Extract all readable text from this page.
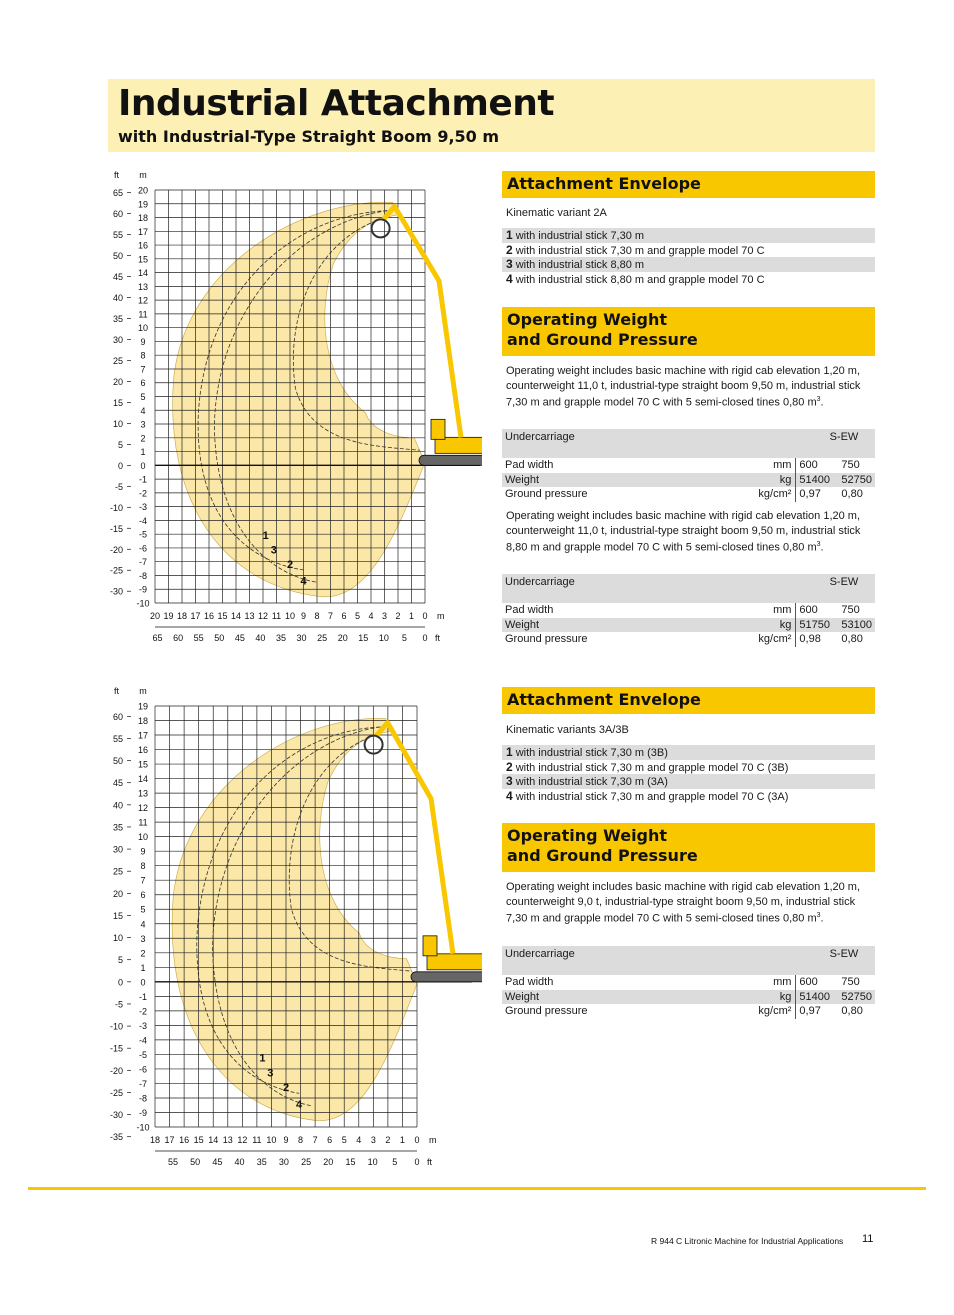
Industrial Attachment
with Industrial-Type Straight Boom 9,50 m
20
19
18
17
16
15
14
13
12
11
10
9
8
7
6
5
4
3
2
1
0
-1
-2
-3
-4
-5
-6
-7
-8
-9
-10
m
65
60
55
50
45
40
35
30
25
20
15
10
5
0
-5
-10
-15
-20
-25
-30
ft
20 19 18 17 16 15 14 13 12 11 10 9 8 7 6 5 4 3 2 1 0 m
65 60 55 50 45 40 35 30 25 20 15 10 5 0 ft
1
3
2
4
19
18
17
16
15
14
13
12
11
10
9
8
7
6
5
4
3
2
1
0
-1
-2
-3
-4
-5
-6
-7
-8
-9
-10
m
60
55
50
45
40
35
30
25
20
15
10
5
0
-5
-10
-15
-20
-25
-30
-35
ft
18 17 16 15 14 13 12 11 10 9 8 7 6 5 4 3 2 1 0 m
55 50 45 40 35 30 25 20 15 10 5 0 ft
1
3
2
4
Attachment Envelope
Kinematic variant 2A
1 with industrial stick 7,30 m
2 with industrial stick 7,30 m and grapple model 70 C
3 with industrial stick 8,80 m
4 with industrial stick 8,80 m and grapple model 70 C
Operating Weight
and Ground Pressure
Operating weight includes basic machine with rigid cab elevation 1,20 m, counterweight 11,0 t, industrial-type straight boom 9,50 m, industrial stick 7,30 m and grapple model 70 C with 5 semi-closed tines 0,80 $m^3$.
Undercarriage		S-EW	
Pad width	mm	600	750
Weight	kg	51400	52750
Ground pressure	kg/cm²	0,97	0,80
Operating weight includes basic machine with rigid cab elevation 1,20 m, counterweight 11,0 t, industrial-type straight boom 9,50 m, industrial stick 8,80 m and grapple model 70 C with 5 semi-closed tines 0,80 $m^3$.
Undercarriage		S-EW	
Pad width	mm	600	750
Weight	kg	51750	53100
Ground pressure	kg/cm²	0,98	0,80
Attachment Envelope
Kinematic variants 3A/3B
1 with industrial stick 7,30 m (3B)
2 with industrial stick 7,30 m and grapple model 70 C (3B)
3 with industrial stick 7,30 m (3A)
4 with industrial stick 7,30 m and grapple model 70 C (3A)
Operating Weight
and Ground Pressure
Operating weight includes basic machine with rigid cab elevation 1,20 m, counterweight 9,0 t, industrial-type straight boom 9,50 m, industrial stick 7,30 m and grapple model 70 C with 5 semi-closed tines 0,80 $m^3$.
Undercarriage		S-EW	
Pad width	mm	600	750
Weight	kg	51400	52750
Ground pressure	kg/cm²	0,97	0,80
R 944 C Litronic Machine for Industrial Applications 11
